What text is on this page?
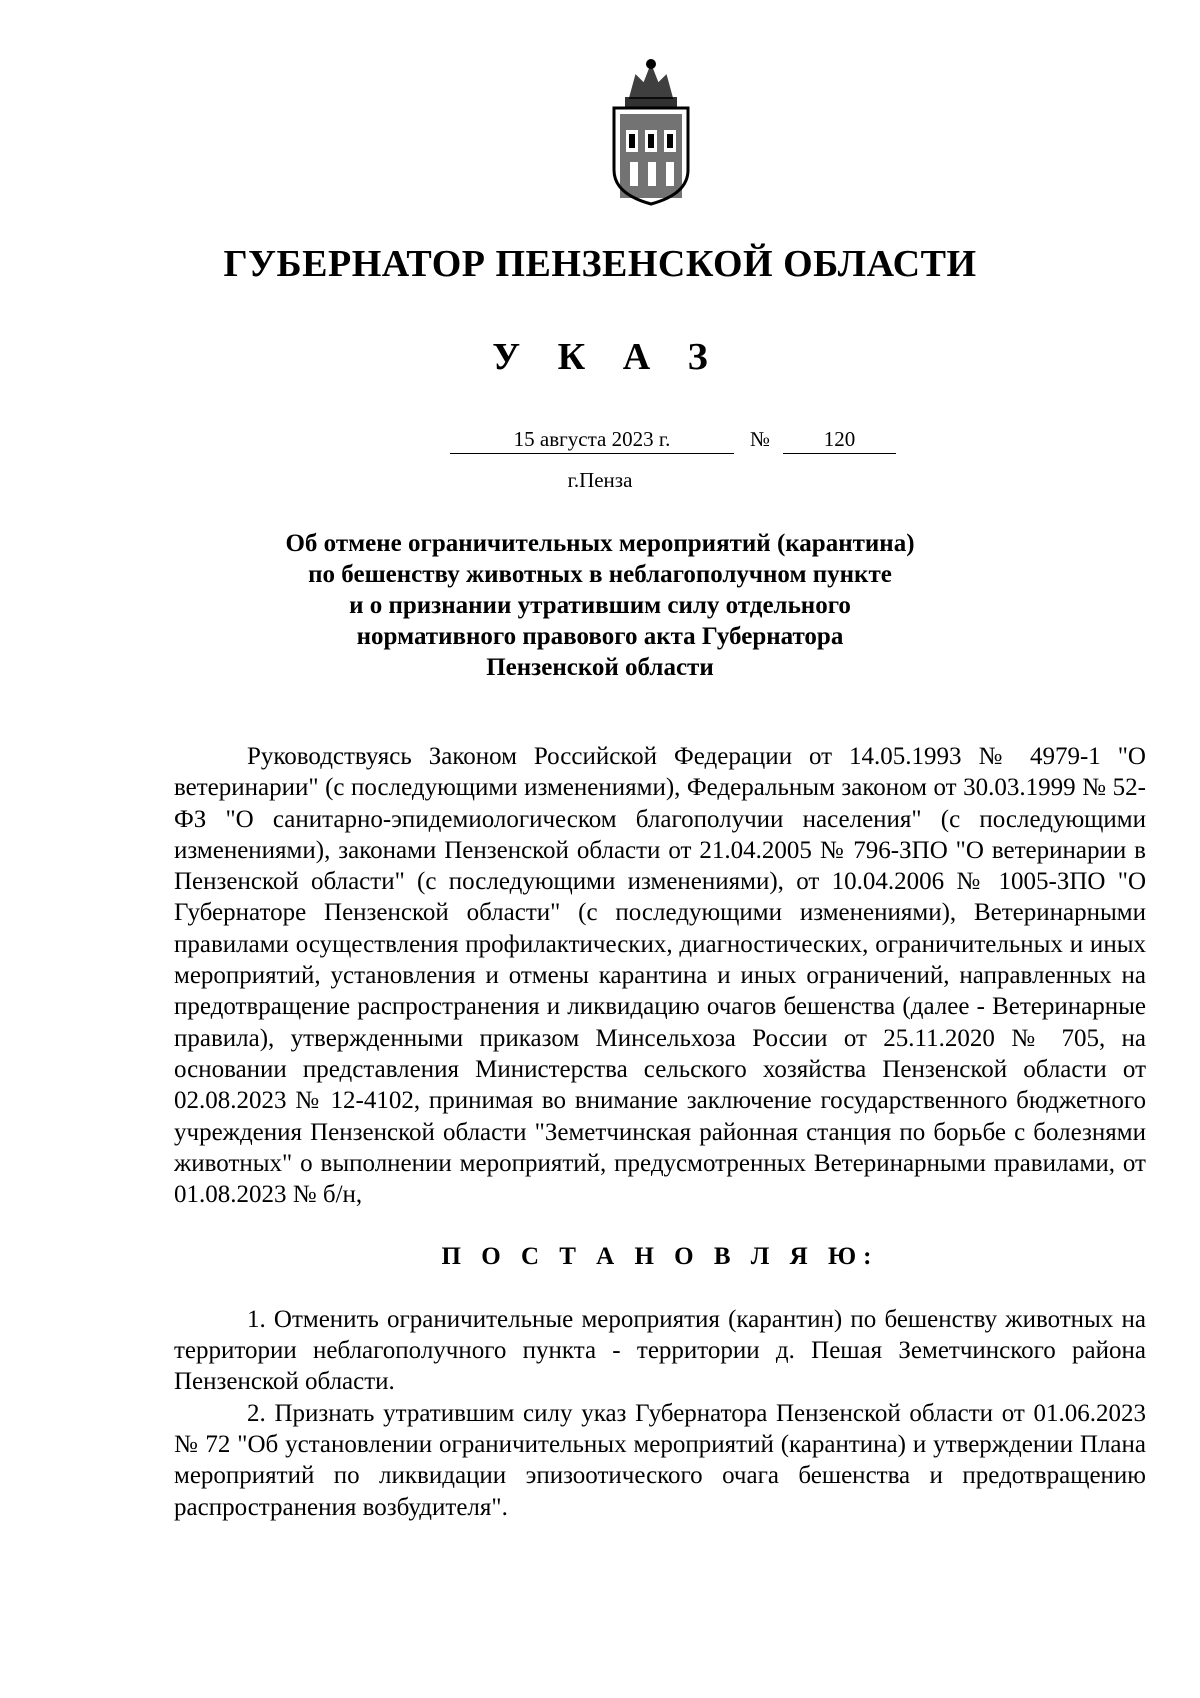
ГУБЕРНАТОР ПЕНЗЕНСКОЙ ОБЛАСТИ
У К А З
15 августа 2023 г.	№	120
г.Пенза
Об отмене ограничительных мероприятий (карантина)
по бешенству животных в неблагополучном пункте
и о признании утратившим силу отдельного
нормативного правового акта Губернатора
Пензенской области

Руководствуясь Законом Российской Федерации от 14.05.1993 № 4979-1 "О ветеринарии" (с последующими изменениями), Федеральным законом от 30.03.1999 № 52-ФЗ "О санитарно-эпидемиологическом благополучии населения" (с последующими изменениями), законами Пензенской области от 21.04.2005 № 796-ЗПО "О ветеринарии в Пензенской области" (с последующими изменениями), от 10.04.2006 № 1005-ЗПО "О Губернаторе Пензенской области" (с последующими изменениями), Ветеринарными правилами осуществления профилактических, диагностических, ограничительных и иных мероприятий, установления и отмены карантина и иных ограничений, направленных на предотвращение распространения и ликвидацию очагов бешенства (далее - Ветеринарные правила), утвержденными приказом Минсельхоза России от 25.11.2020 № 705, на основании представления Министерства сельского хозяйства Пензенской области от 02.08.2023 № 12-4102, принимая во внимание заключение государственного бюджетного учреждения Пензенской области "Земетчинская районная станция по борьбе с болезнями животных" о выполнении мероприятий, предусмотренных Ветеринарными правилами, от 01.08.2023 № б/н,

П О С Т А Н О В Л Я Ю:

1. Отменить ограничительные мероприятия (карантин) по бешенству животных на территории неблагополучного пункта - территории д. Пешая Земетчинского района Пензенской области.

2. Признать утратившим силу указ Губернатора Пензенской области от 01.06.2023 № 72 "Об установлении ограничительных мероприятий (карантина) и утверждении Плана мероприятий по ликвидации эпизоотического очага бешенства и предотвращению распространения возбудителя".
